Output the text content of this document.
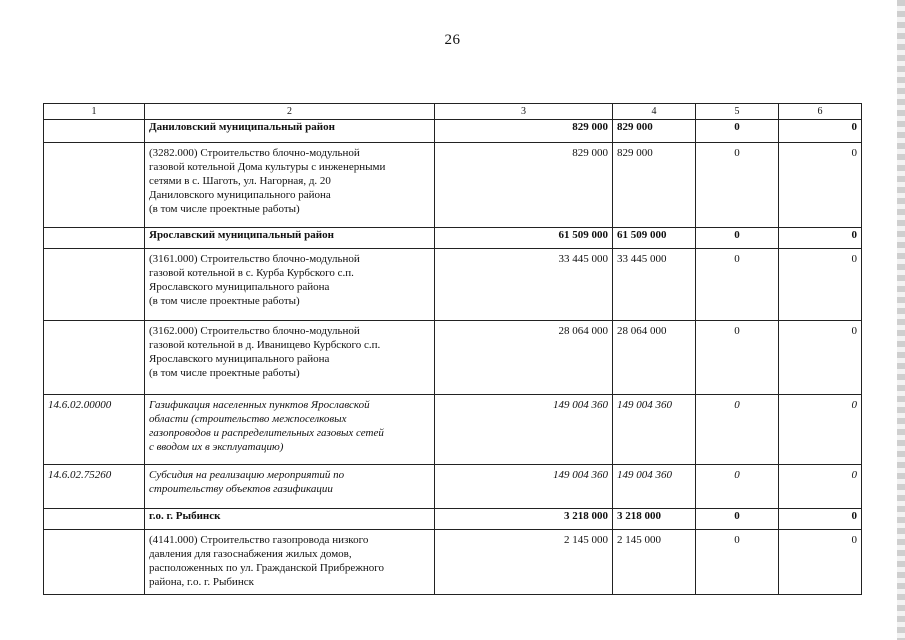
26
1	2	3	4	5	6
	Даниловский муниципальный район	829 000	829 000	0	0
	(3282.000) Строительство блочно-модульной
газовой котельной Дома культуры с инженерными
сетями в с. Шаготь, ул. Нагорная, д. 20
Даниловского муниципального района
(в том числе проектные работы)	829 000	829 000	0	0
	Ярославский муниципальный район	61 509 000	61 509 000	0	0
	(3161.000) Строительство блочно-модульной
газовой котельной в с. Курба Курбского с.п.
Ярославского муниципального района
(в том числе проектные работы)	33 445 000	33 445 000	0	0
	(3162.000) Строительство блочно-модульной
газовой котельной в д. Иванищево Курбского с.п.
Ярославского муниципального района
(в том числе проектные работы)	28 064 000	28 064 000	0	0
14.6.02.00000	Газификация населенных пунктов Ярославской
области (строительство межпоселковых
газопроводов и распределительных газовых сетей
с вводом их в эксплуатацию)	149 004 360	149 004 360	0	0
14.6.02.75260	Субсидия на реализацию мероприятий по
строительству объектов газификации	149 004 360	149 004 360	0	0
	г.о. г. Рыбинск	3 218 000	3 218 000	0	0
	(4141.000) Строительство газопровода низкого
давления для газоснабжения жилых домов,
расположенных по ул. Гражданской Прибрежного
района, г.о. г. Рыбинск	2 145 000	2 145 000	0	0
